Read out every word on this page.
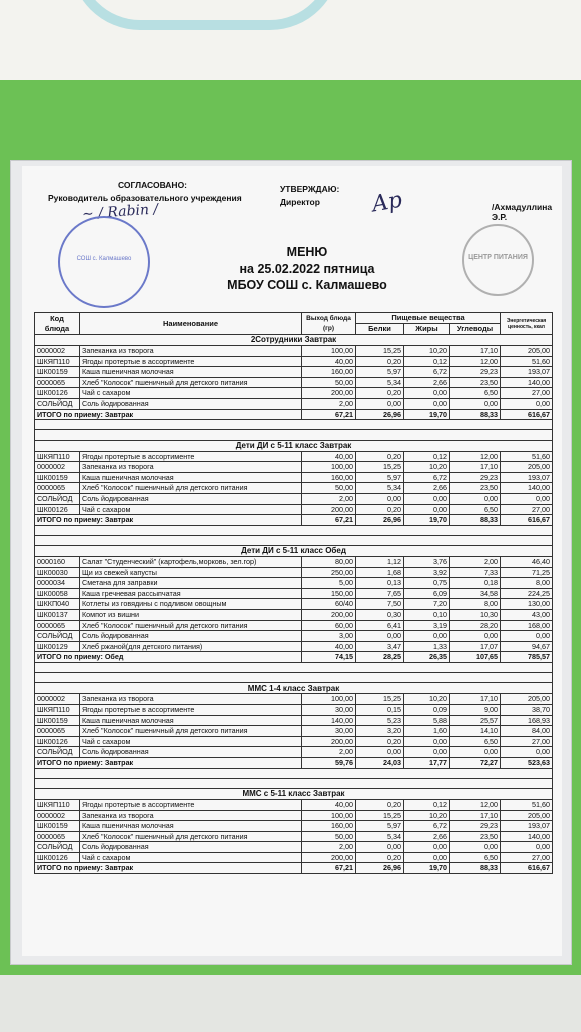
СОГЛАСОВАНО:
Руководитель образовательного учреждения
УТВЕРЖДАЮ:
Директор	/Ахмадуллина Э.Р.
~ / Rabin /	Ap
СОШ с. Калмашево	ЦЕНТР ПИТАНИЯ
МЕНЮ
на 25.02.2022 пятница
МБОУ СОШ с. Калмашево
Код блюда	Наименование	Выход блюда (гр)	Пищевые вещества			Энергетическая ценность, ккал
			Белки	Жиры	Углеводы	
2Сотрудники Завтрак						
0000002	Запеканка из творога	100,00	15,25	10,20	17,10	205,00
ШКЯП110	Ягоды протертые в ассортименте	40,00	0,20	0,12	12,00	51,60
ШК00159	Каша пшеничная молочная	160,00	5,97	6,72	29,23	193,07
0000065	Хлеб "Колосок" пшеничный для детского питания	50,00	5,34	2,66	23,50	140,00
ШК00126	Чай с сахаром	200,00	0,20	0,00	6,50	27,00
СОЛЬЙОД	Соль йодированная	2,00	0,00	0,00	0,00	0,00
ИТОГО по приему: Завтрак		67,21	26,96	19,70	88,33	616,67

Дети ДИ с 5-11 класс Завтрак						
ШКЯП110	Ягоды протертые в ассортименте	40,00	0,20	0,12	12,00	51,60
0000002	Запеканка из творога	100,00	15,25	10,20	17,10	205,00
ШК00159	Каша пшеничная молочная	160,00	5,97	6,72	29,23	193,07
0000065	Хлеб "Колосок" пшеничный для детского питания	50,00	5,34	2,66	23,50	140,00
СОЛЬЙОД	Соль йодированная	2,00	0,00	0,00	0,00	0,00
ШК00126	Чай с сахаром	200,00	0,20	0,00	6,50	27,00
ИТОГО по приему: Завтрак		67,21	26,96	19,70	88,33	616,67

Дети ДИ с 5-11 класс Обед						
0000160	Салат "Студенческий" (картофель,морковь, зел.гор)	80,00	1,12	3,76	2,00	46,40
ШК00030	Щи из свежей капусты	250,00	1,68	3,92	7,33	71,25
0000034	Сметана для заправки	5,00	0,13	0,75	0,18	8,00
ШК00058	Каша гречневая рассыпчатая	150,00	7,65	6,09	34,58	224,25
ШККП040	Котлеты из говядины с подливом овощным	60/40	7,50	7,20	8,00	130,00
ШК00137	Компот из вишни	200,00	0,30	0,10	10,30	43,00
0000065	Хлеб "Колосок" пшеничный для детского питания	60,00	6,41	3,19	28,20	168,00
СОЛЬЙОД	Соль йодированная	3,00	0,00	0,00	0,00	0,00
ШК00129	Хлеб ржаной(для детского питания)	40,00	3,47	1,33	17,07	94,67
ИТОГО по приему: Обед		74,15	28,25	26,35	107,65	785,57

ММС 1-4 класс Завтрак						
0000002	Запеканка из творога	100,00	15,25	10,20	17,10	205,00
ШКЯП110	Ягоды протертые в ассортименте	30,00	0,15	0,09	9,00	38,70
ШК00159	Каша пшеничная молочная	140,00	5,23	5,88	25,57	168,93
0000065	Хлеб "Колосок" пшеничный для детского питания	30,00	3,20	1,60	14,10	84,00
ШК00126	Чай с сахаром	200,00	0,20	0,00	6,50	27,00
СОЛЬЙОД	Соль йодированная	2,00	0,00	0,00	0,00	0,00
ИТОГО по приему: Завтрак		59,76	24,03	17,77	72,27	523,63

ММС с 5-11 класс Завтрак						
ШКЯП110	Ягоды протертые в ассортименте	40,00	0,20	0,12	12,00	51,60
0000002	Запеканка из творога	100,00	15,25	10,20	17,10	205,00
ШК00159	Каша пшеничная молочная	160,00	5,97	6,72	29,23	193,07
0000065	Хлеб "Колосок" пшеничный для детского питания	50,00	5,34	2,66	23,50	140,00
СОЛЬЙОД	Соль йодированная	2,00	0,00	0,00	0,00	0,00
ШК00126	Чай с сахаром	200,00	0,20	0,00	6,50	27,00
ИТОГО по приему: Завтрак		67,21	26,96	19,70	88,33	616,67
